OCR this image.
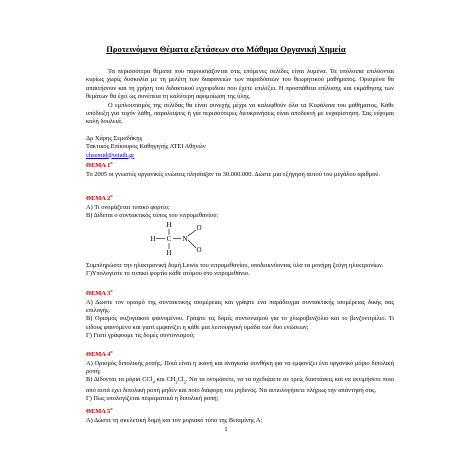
Προτεινόμενα Θέματα εξετάσεων στο Μάθημα Οργανική Χημεία

Τα περισσότερα θέματα που παρουσιάζονται στις επόμενες σελίδες είναι λυμένα. Τα υπόλοιπα επιλύονται κυρίως χωρίς δυσκολία με τη μελέτη των διαφανειών των παραδόσεων του θεωρητικού μαθήματος. Ορισμένα θα απαιτήσουν και τη χρήση του διδακτικού εγχειριδίου που έχετε επιλέξει. Η προσπάθεια επίλυσης και εκμάθησης των θεμάτων θα έχει ως συνέπεια τη καλύτερη αφομοίωση της ύλης.

Ο εμπλουτισμός της σελίδας θα είναι συνεχής μέχρι να καλυφθούν όλα τα Κεφάλαια του μαθήματος. Κάθε υπόδειξη για τυχόν λάθη, παραλείψεις ή για περισσότερες διευκρινήσεις είναι αποδεκτή με ευχαρίστηση. Σας εύχομαι καλή δουλειά.

Δρ Χάρης Σεμαδάκης
Τακτικός Επίκουρος Καθηγητής ΑΤΕΙ Αθηνών
chsemid@teiath.gr
ΘΕΜΑ $1^o$
Το 2005 οι γνωστές οργανικές ενώσεις πλησίαζαν τα 30.000.000. Δώστε μια εξήγηση αυτού του μεγάλου αριθμού.
ΘΕΜΑ $2^o$
Α) Τι ονομάζεται τυπικό φορτίο;
Β) Δίδεται ο συντακτικός τύπος του νιτρομεθανίου:
H
H C N
O
O
H
Συμπληρώστε την ηλεκτρονική δομή Lewis του νιτρομεθανίου, υποδεικνύοντας όλα τα μονήρη ζεύγη ηλεκτρονίων.
Γ)Υπολογίστε το τυπικό φορτίο κάθε ατόμου στο νιτρομεθάνιο.
ΘΕΜΑ $3^o$
Α) Δώστε τον ορισμό της συντακτικής ισομέρειας και γράψτε ένα παράδειγμα συντακτικής ισομέρειας δικής σας επιλογής.
Β) Ορισμός συζυγιακού φαινομένου. Γράψτε τις δομές συντονισμού για το χλωροβενζόλιο και το βενζονιτρίλιο. Τι είδους φαινόμενο και γιατί εμφανίζει η κάθε μια λειτουργική ομάδα των δυο ενώσεων;
Γ) Γιατί γράφουμε τις δομές συντονισμού;
ΘΕΜΑ $4^o$
Α) Ορισμός διπολικής ροπής. Ποιά είναι η ικανή και αναγκαία συνθήκη για να εμφανίζει ένα οργανικό μόριο διπολική ροπή;
Β) Δίδονται τα μόρια CCl$_4$ και $CH_2Cl_2$. Να τα ονομάσετε, να τα σχεδιάσετε σε τρείς διαστάσεις και να εκτιμήσετε ποιο από αυτά έχει διπολική ροπή μηδέν και ποιο διάφορη του μηδενός. Να αιτιολογήσετε πλήρως την απάντησή σας.
Γ) Πως υπολογίζεται πειραματικά η διπολική ροπή;
ΘΕΜΑ $5^o$
Α) Δώστε τη σκελετική δομή και τον μοριακό τύπο της Βιταμίνης Α:
1
